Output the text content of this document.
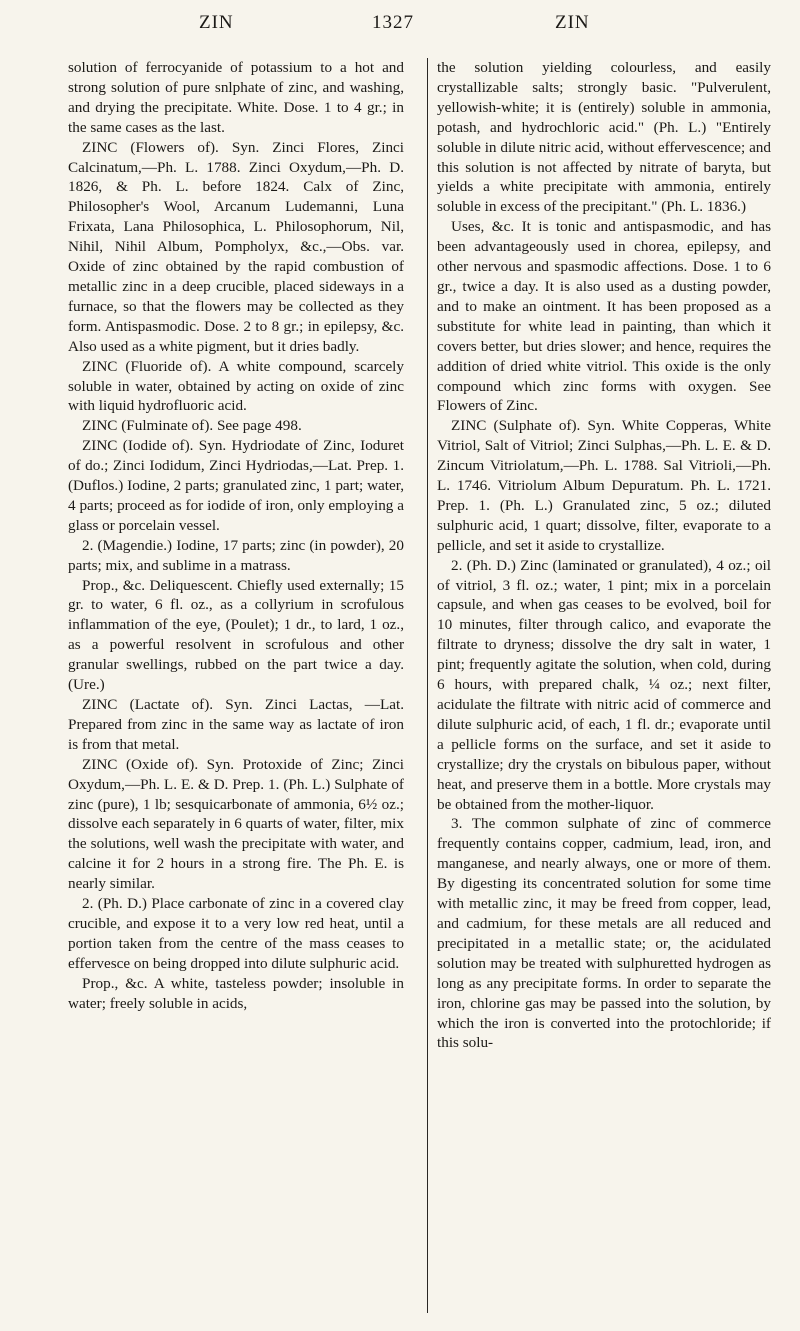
ZIN	1327	ZIN

solution of ferrocyanide of potassium to a hot and strong solution of pure snlphate of zinc, and washing, and drying the precipitate. White. Dose. 1 to 4 gr.; in the same cases as the last.

ZINC (Flowers of). Syn. Zinci Flores, Zinci Calcinatum,—Ph. L. 1788. Zinci Oxydum,—Ph. D. 1826, & Ph. L. before 1824. Calx of Zinc, Philosopher's Wool, Arcanum Ludemanni, Luna Frixata, Lana Philosophica, L. Philosophorum, Nil, Nihil, Nihil Album, Pompholyx, &c.,—Obs. var. Oxide of zinc obtained by the rapid combustion of metallic zinc in a deep crucible, placed sideways in a furnace, so that the flowers may be collected as they form. Antispasmodic. Dose. 2 to 8 gr.; in epilepsy, &c. Also used as a white pigment, but it dries badly.

ZINC (Fluoride of). A white compound, scarcely soluble in water, obtained by acting on oxide of zinc with liquid hydrofluoric acid.

ZINC (Fulminate of). See page 498.

ZINC (Iodide of). Syn. Hydriodate of Zinc, Ioduret of do.; Zinci Iodidum, Zinci Hydriodas,—Lat. Prep. 1. (Duflos.) Iodine, 2 parts; granulated zinc, 1 part; water, 4 parts; proceed as for iodide of iron, only employing a glass or porcelain vessel.

2. (Magendie.) Iodine, 17 parts; zinc (in powder), 20 parts; mix, and sublime in a matrass.

Prop., &c. Deliquescent. Chiefly used externally; 15 gr. to water, 6 fl. oz., as a collyrium in scrofulous inflammation of the eye, (Poulet); 1 dr., to lard, 1 oz., as a powerful resolvent in scrofulous and other granular swellings, rubbed on the part twice a day. (Ure.)

ZINC (Lactate of). Syn. Zinci Lactas, —Lat. Prepared from zinc in the same way as lactate of iron is from that metal.

ZINC (Oxide of). Syn. Protoxide of Zinc; Zinci Oxydum,—Ph. L. E. & D. Prep. 1. (Ph. L.) Sulphate of zinc (pure), 1 lb; sesquicarbonate of ammonia, 6½ oz.; dissolve each separately in 6 quarts of water, filter, mix the solutions, well wash the precipitate with water, and calcine it for 2 hours in a strong fire. The Ph. E. is nearly similar.

2. (Ph. D.) Place carbonate of zinc in a covered clay crucible, and expose it to a very low red heat, until a portion taken from the centre of the mass ceases to effervesce on being dropped into dilute sulphuric acid.

Prop., &c. A white, tasteless powder; insoluble in water; freely soluble in acids,

the solution yielding colourless, and easily crystallizable salts; strongly basic. "Pulverulent, yellowish-white; it is (entirely) soluble in ammonia, potash, and hydrochloric acid." (Ph. L.) "Entirely soluble in dilute nitric acid, without effervescence; and this solution is not affected by nitrate of baryta, but yields a white precipitate with ammonia, entirely soluble in excess of the precipitant." (Ph. L. 1836.)

Uses, &c. It is tonic and antispasmodic, and has been advantageously used in chorea, epilepsy, and other nervous and spasmodic affections. Dose. 1 to 6 gr., twice a day. It is also used as a dusting powder, and to make an ointment. It has been proposed as a substitute for white lead in painting, than which it covers better, but dries slower; and hence, requires the addition of dried white vitriol. This oxide is the only compound which zinc forms with oxygen. See Flowers of Zinc.

ZINC (Sulphate of). Syn. White Copperas, White Vitriol, Salt of Vitriol; Zinci Sulphas,—Ph. L. E. & D. Zincum Vitriolatum,—Ph. L. 1788. Sal Vitrioli,—Ph. L. 1746. Vitriolum Album Depuratum. Ph. L. 1721. Prep. 1. (Ph. L.) Granulated zinc, 5 oz.; diluted sulphuric acid, 1 quart; dissolve, filter, evaporate to a pellicle, and set it aside to crystallize.

2. (Ph. D.) Zinc (laminated or granulated), 4 oz.; oil of vitriol, 3 fl. oz.; water, 1 pint; mix in a porcelain capsule, and when gas ceases to be evolved, boil for 10 minutes, filter through calico, and evaporate the filtrate to dryness; dissolve the dry salt in water, 1 pint; frequently agitate the solution, when cold, during 6 hours, with prepared chalk, ¼ oz.; next filter, acidulate the filtrate with nitric acid of commerce and dilute sulphuric acid, of each, 1 fl. dr.; evaporate until a pellicle forms on the surface, and set it aside to crystallize; dry the crystals on bibulous paper, without heat, and preserve them in a bottle. More crystals may be obtained from the mother-liquor.

3. The common sulphate of zinc of commerce frequently contains copper, cadmium, lead, iron, and manganese, and nearly always, one or more of them. By digesting its concentrated solution for some time with metallic zinc, it may be freed from copper, lead, and cadmium, for these metals are all reduced and precipitated in a metallic state; or, the acidulated solution may be treated with sulphuretted hydrogen as long as any precipitate forms. In order to separate the iron, chlorine gas may be passed into the solution, by which the iron is converted into the protochloride; if this solu-
